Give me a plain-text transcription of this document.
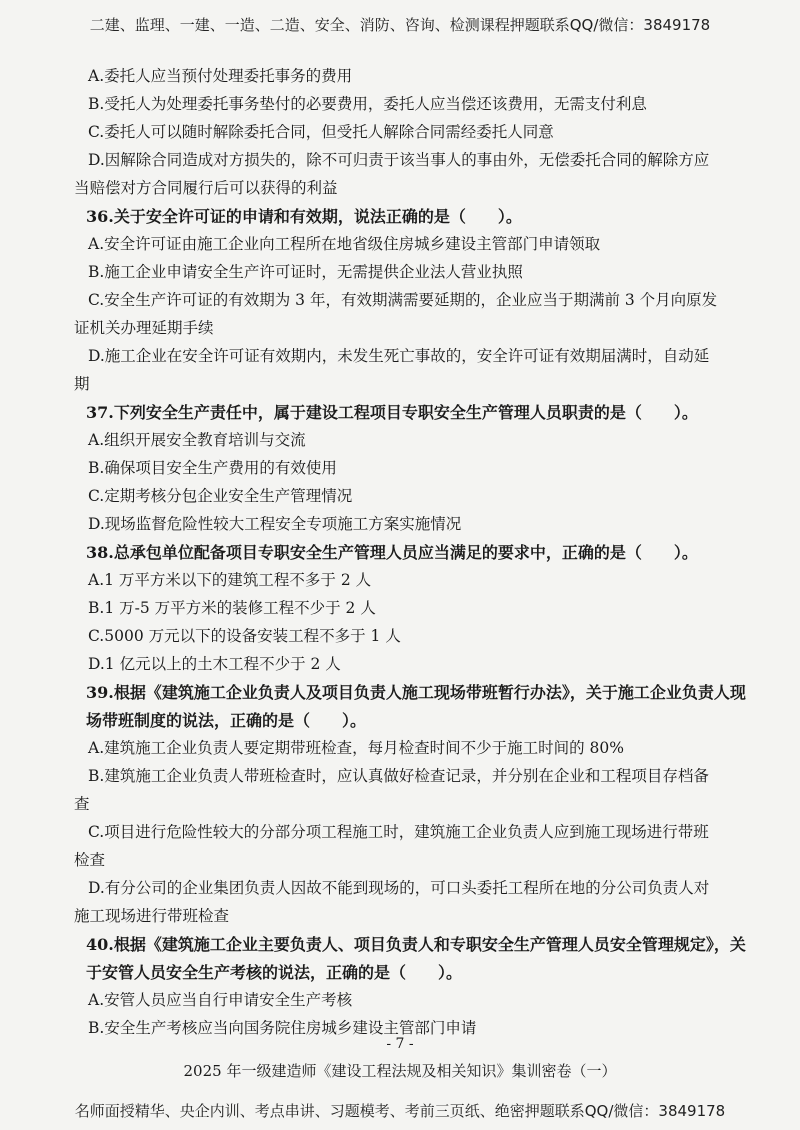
二建、监理、一建、一造、二造、安全、消防、咨询、检测课程押题联系QQ/微信：3849178
A.委托人应当预付处理委托事务的费用
B.受托人为处理委托事务垫付的必要费用，委托人应当偿还该费用，无需支付利息
C.委托人可以随时解除委托合同，但受托人解除合同需经委托人同意
D.因解除合同造成对方损失的，除不可归责于该当事人的事由外，无偿委托合同的解除方应
当赔偿对方合同履行后可以获得的利益
36.关于安全许可证的申请和有效期，说法正确的是（　　）。
A.安全许可证由施工企业向工程所在地省级住房城乡建设主管部门申请领取
B.施工企业申请安全生产许可证时，无需提供企业法人营业执照
C.安全生产许可证的有效期为 3 年，有效期满需要延期的，企业应当于期满前 3 个月向原发
证机关办理延期手续
D.施工企业在安全许可证有效期内，未发生死亡事故的，安全许可证有效期届满时，自动延
期
37.下列安全生产责任中，属于建设工程项目专职安全生产管理人员职责的是（　　）。
A.组织开展安全教育培训与交流
B.确保项目安全生产费用的有效使用
C.定期考核分包企业安全生产管理情况
D.现场监督危险性较大工程安全专项施工方案实施情况
38.总承包单位配备项目专职安全生产管理人员应当满足的要求中，正确的是（　　）。
A.1 万平方米以下的建筑工程不多于 2 人
B.1 万-5 万平方米的装修工程不少于 2 人
C.5000 万元以下的设备安装工程不多于 1 人
D.1 亿元以上的土木工程不少于 2 人
39.根据《建筑施工企业负责人及项目负责人施工现场带班暂行办法》，关于施工企业负责人现
场带班制度的说法，正确的是（　　）。
A.建筑施工企业负责人要定期带班检查，每月检查时间不少于施工时间的 80%
B.建筑施工企业负责人带班检查时，应认真做好检查记录，并分别在企业和工程项目存档备
查
C.项目进行危险性较大的分部分项工程施工时，建筑施工企业负责人应到施工现场进行带班
检查
D.有分公司的企业集团负责人因故不能到现场的，可口头委托工程所在地的分公司负责人对
施工现场进行带班检查
40.根据《建筑施工企业主要负责人、项目负责人和专职安全生产管理人员安全管理规定》，关
于安管人员安全生产考核的说法，正确的是（　　）。
A.安管人员应当自行申请安全生产考核
B.安全生产考核应当向国务院住房城乡建设主管部门申请
- 7 -
2025 年一级建造师《建设工程法规及相关知识》集训密卷（一）
名师面授精华、央企内训、考点串讲、习题模考、考前三页纸、绝密押题联系QQ/微信：3849178
